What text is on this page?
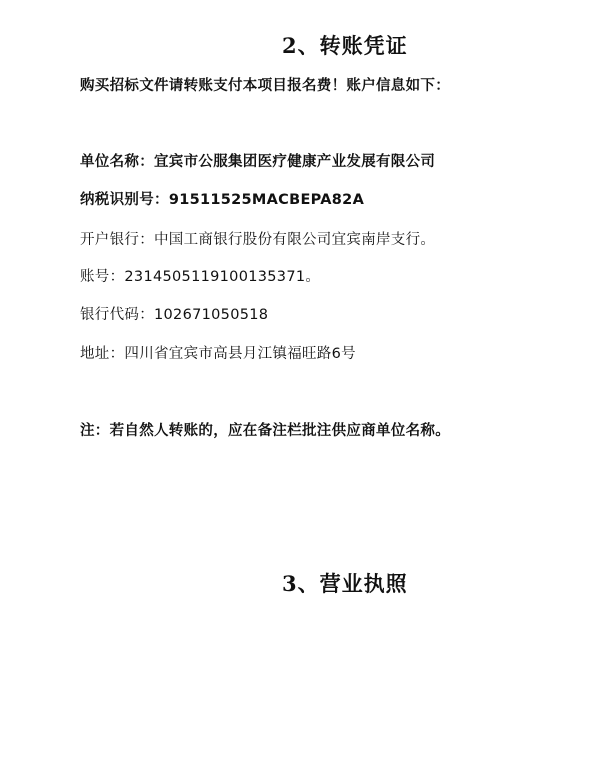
2、转账凭证
购买招标文件请转账支付本项目报名费！账户信息如下：
单位名称：宜宾市公服集团医疗健康产业发展有限公司
纳税识别号：91511525MACBEPA82A
开户银行：中国工商银行股份有限公司宜宾南岸支行。
账号：2314505119100135371。
银行代码：102671050518
地址：四川省宜宾市高县月江镇福旺路6号
注：若自然人转账的，应在备注栏批注供应商单位名称。
3、营业执照
